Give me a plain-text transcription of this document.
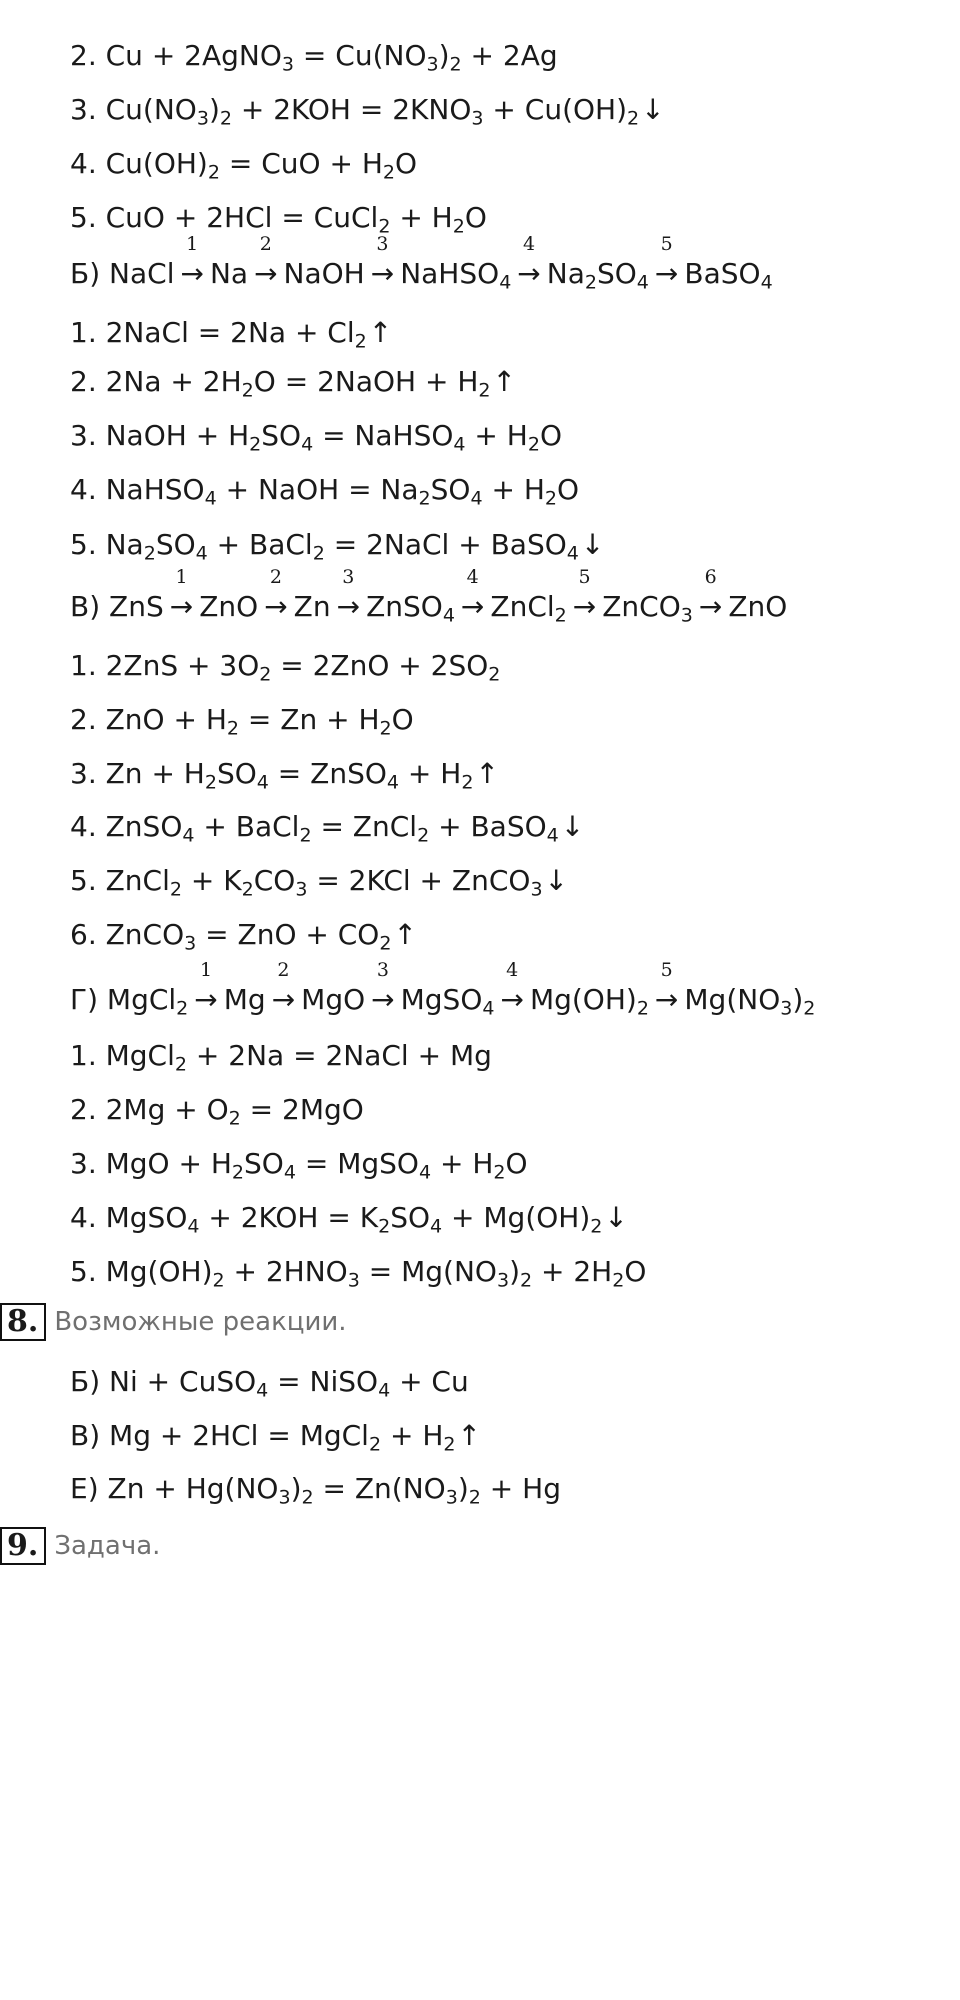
2. Cu + 2AgNO$_3$ = $Cu(NO_3)_2 + 2Ag$
3. $Cu(NO_3)_2 + 2KOH = 2KNO_3$ + $Cu(OH)_2↓$
4. $Cu(OH)_2$ = CuO + $H_2O$
5. CuO + 2HCl = CuCl$_2$ + $H_2O$
Б) NaCl
1
→ Na
2
→ NaOH
3
→ NaHSO$_4$
4
→ $Na_2SO_4$
5
→ BaSO$_4$
1. 2NaCl = $2Na + Cl_2↑$
2. $2Na + 2H_2O$ = 2NaOH + $H_2↑$
3. NaOH + $H_2SO_4$ = NaHSO$_4$ + $H_2O$
4. NaHSO$_4$ + NaOH = $Na_2SO_4 + H_2O$
5. $Na_2SO_4$ + BaCl$_2$ = 2NaCl + BaSO$_4$↓
В) ZnS
1
→ ZnO
2
→ Zn
3
→ ZnSO$_4$
4
→ ZnCl$_2$
5
→ ZnCO$_3$
6
→ ZnO
1. $2ZnS + 3O_2 = 2ZnO + 2SO_2$
2. ZnO + $H_2 = Zn + H_2O$
3. $Zn + H_2SO_4$ = ZnSO$_4$ + $H_2↑$
4. ZnSO$_4$ + BaCl$_2$ = ZnCl$_2$ + BaSO$_4$↓
5. ZnCl$_2$ + $K_2CO_3 = 2KCl$ + ZnCO$_3$↓
6. ZnCO$_3$ = ZnO + $CO_2↑$
Г) MgCl$_2$
1
→ Mg
2
→ MgO
3
→ MgSO$_4$
4
→ $Mg(OH)_2$
5
→ $Mg(NO_3)_2$
1. MgCl$_2$ + 2Na = 2NaCl + Mg
2. $2Mg + O_2 = 2MgO$
3. MgO + $H_2SO_4$ = MgSO$_4$ + $H_2O$
4. MgSO$_4$ + $2KOH = K_2SO_4$ + $Mg(OH)_2↓$
5. $Mg(OH)_2 + 2HNO_3 = Mg(NO_3)_2 + 2H_2O$
8. Возможные реакции.
Б) Ni + CuSO$_4$ = NiSO$_4$ + Cu
В) Mg + 2HCl = MgCl$_2$ + $H_2↑$
Е) $Zn + Hg(NO_3)_2 = Zn(NO_3)_2 + Hg$
9. Задача.
